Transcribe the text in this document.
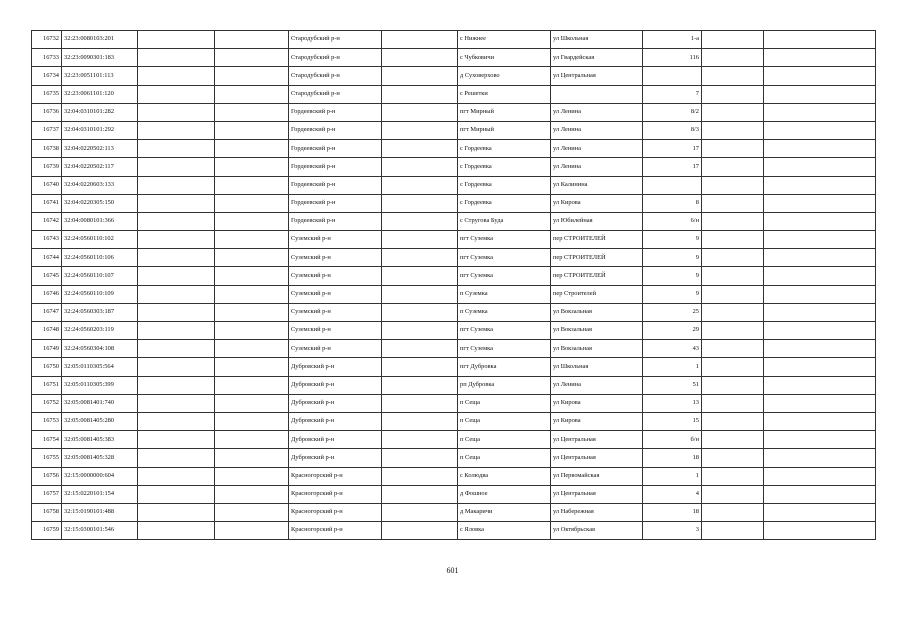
16732	32:23:0080103:201			Стародубский р-н		с Нижнее	ул Школьная	1-а		
16733	32:23:0090301:183			Стародубский р-н		с Чубковичи	ул Гвардейская	116		
16734	32:23:0051101:113			Стародубский р-н		д Суховерхово	ул Центральная			
16735	32:23:0061101:120			Стародубский р-н		с Решетки		7		
16736	32:04:0310101:282			Гордеевский р-н		пгт Мирный	ул Ленина	8/2		
16737	32:04:0310101:292			Гордеевский р-н		пгт Мирный	ул Ленина	8/3		
16738	32:04:0220502:113			Гордеевский р-н		с Гордеевка	ул Ленина	17		
16739	32:04:0220502:117			Гордеевский р-н		с Гордеевка	ул Ленина	17		
16740	32:04:0220603:133			Гордеевский р-н		с Гордеевка	ул Калинина			
16741	32:04:0220305:150			Гордеевский р-н		с Гордеевка	ул Кирова	8		
16742	32:04:0080101:366			Гордеевский р-н		с Струговa Буда	ул Юбилейная	6/н		
16743	32:24:0560110:102			Суземский р-н		пгт Суземка	пер СТРОИТЕЛЕЙ	9		
16744	32:24:0560110:106			Суземский р-н		пгт Суземка	пер СТРОИТЕЛЕЙ	9		
16745	32:24:0560110:107			Суземский р-н		пгт Суземка	пер СТРОИТЕЛЕЙ	9		
16746	32:24:0560110:109			Суземский р-н		п Суземка	пер Строителей	9		
16747	32:24:0560303:187			Суземский р-н		п Суземка	ул Вокзальная	25		
16748	32:24:0560203:119			Суземский р-н		пгт Суземка	ул Вокзальная	29		
16749	32:24:0560304:108			Суземский р-н		пгт Суземка	ул Вокзальная	43		
16750	32:05:0110305:564			Дубровский р-н		пгт Дубровка	ул Школьная	1		
16751	32:05:0110305:399			Дубровский р-н		рп Дубровка	ул Ленина	51		
16752	32:05:0081401:740			Дубровский р-н		п Сеща	ул Кирова	13		
16753	32:05:0081405:280			Дубровский р-н		п Сеща	ул Кирова	15		
16754	32:05:0081405:383			Дубровский р-н		п Сеща	ул Центральная	б/н		
16755	32:05:0081405:328			Дубровский р-н		п Сеща	ул Центральная	18		
16756	32:15:0000000:604			Красногорский р-н		с Колюдва	ул Первомайская	1		
16757	32:15:0220101:154			Красногорский р-н		д Фошное	ул Центральная	4		
16758	32:15:0190101:488			Красногорский р-н		д Макаричи	ул Набережная	18		
16759	32:15:0300101:546			Красногорский р-н		с Яловка	ул Октябрьская	3		
601
